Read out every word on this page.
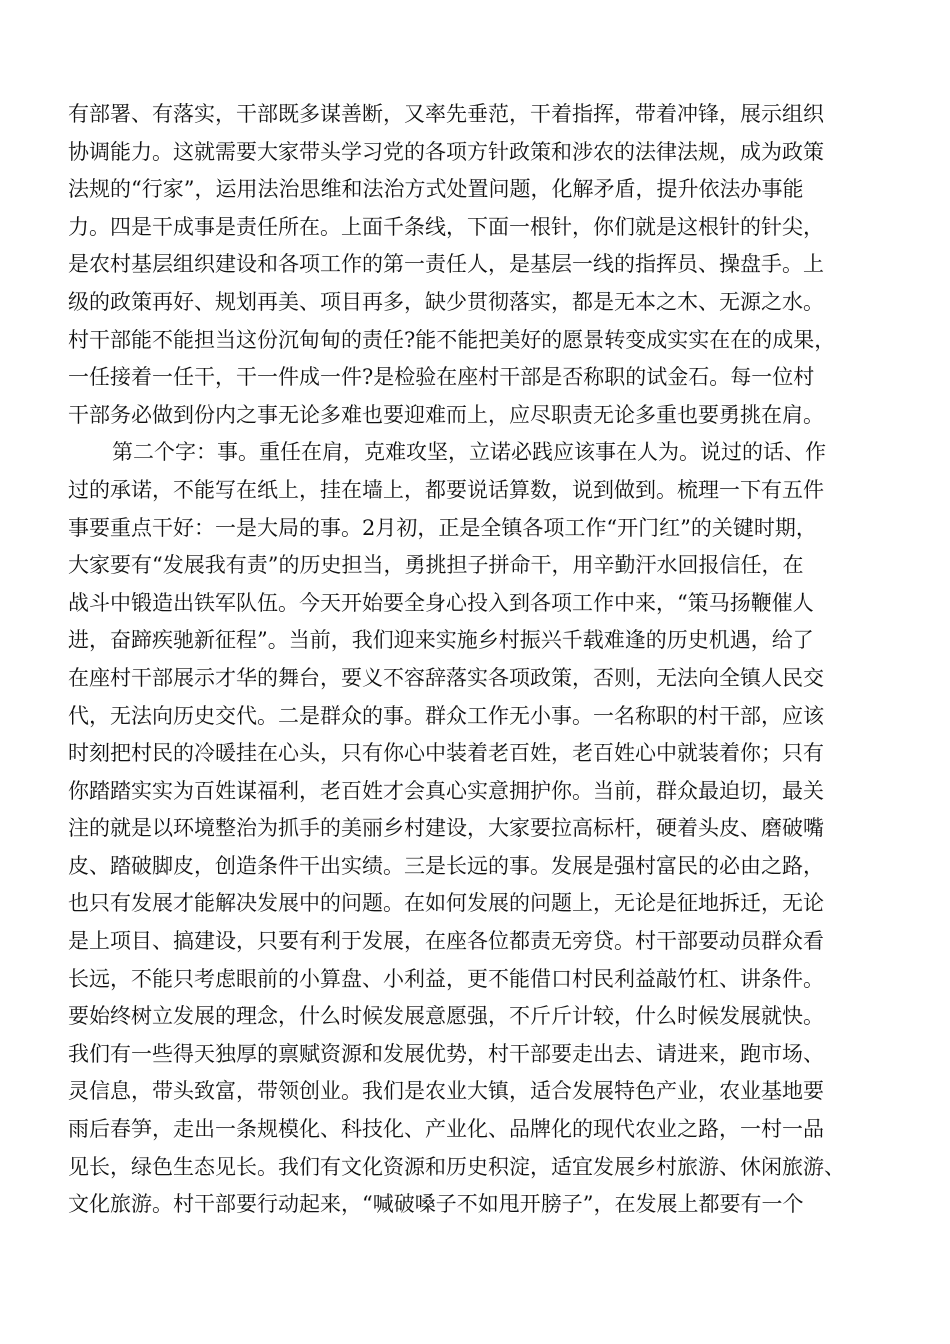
有部署、有落实，干部既多谋善断，又率先垂范，干着指挥，带着冲锋，展示组织
协调能力。这就需要大家带头学习党的各项方针政策和涉农的法律法规，成为政策
法规的“行家”，运用法治思维和法治方式处置问题，化解矛盾，提升依法办事能
力。四是干成事是责任所在。上面千条线，下面一根针，你们就是这根针的针尖，
是农村基层组织建设和各项工作的第一责任人，是基层一线的指挥员、操盘手。上
级的政策再好、规划再美、项目再多，缺少贯彻落实，都是无本之木、无源之水。
村干部能不能担当这份沉甸甸的责任?能不能把美好的愿景转变成实实在在的成果，
一任接着一任干，干一件成一件?是检验在座村干部是否称职的试金石。每一位村
干部务必做到份内之事无论多难也要迎难而上，应尽职责无论多重也要勇挑在肩。
第二个字：事。重任在肩，克难攻坚，立诺必践应该事在人为。说过的话、作
过的承诺，不能写在纸上，挂在墙上，都要说话算数，说到做到。梳理一下有五件
事要重点干好：一是大局的事。2月初，正是全镇各项工作“开门红”的关键时期，
大家要有“发展我有责”的历史担当，勇挑担子拼命干，用辛勤汗水回报信任，在
战斗中锻造出铁军队伍。今天开始要全身心投入到各项工作中来，“策马扬鞭催人
进，奋蹄疾驰新征程”。当前，我们迎来实施乡村振兴千载难逢的历史机遇，给了
在座村干部展示才华的舞台，要义不容辞落实各项政策，否则，无法向全镇人民交
代，无法向历史交代。二是群众的事。群众工作无小事。一名称职的村干部，应该
时刻把村民的冷暖挂在心头，只有你心中装着老百姓，老百姓心中就装着你；只有
你踏踏实实为百姓谋福利，老百姓才会真心实意拥护你。当前，群众最迫切，最关
注的就是以环境整治为抓手的美丽乡村建设，大家要拉高标杆，硬着头皮、磨破嘴
皮、踏破脚皮，创造条件干出实绩。三是长远的事。发展是强村富民的必由之路，
也只有发展才能解决发展中的问题。在如何发展的问题上，无论是征地拆迁，无论
是上项目、搞建设，只要有利于发展，在座各位都责无旁贷。村干部要动员群众看
长远，不能只考虑眼前的小算盘、小利益，更不能借口村民利益敲竹杠、讲条件。
要始终树立发展的理念，什么时候发展意愿强，不斤斤计较，什么时候发展就快。
我们有一些得天独厚的禀赋资源和发展优势，村干部要走出去、请进来，跑市场、
灵信息，带头致富，带领创业。我们是农业大镇，适合发展特色产业，农业基地要
雨后春笋，走出一条规模化、科技化、产业化、品牌化的现代农业之路，一村一品
见长，绿色生态见长。我们有文化资源和历史积淀，适宜发展乡村旅游、休闲旅游、
文化旅游。村干部要行动起来，“喊破嗓子不如甩开膀子”，在发展上都要有一个
